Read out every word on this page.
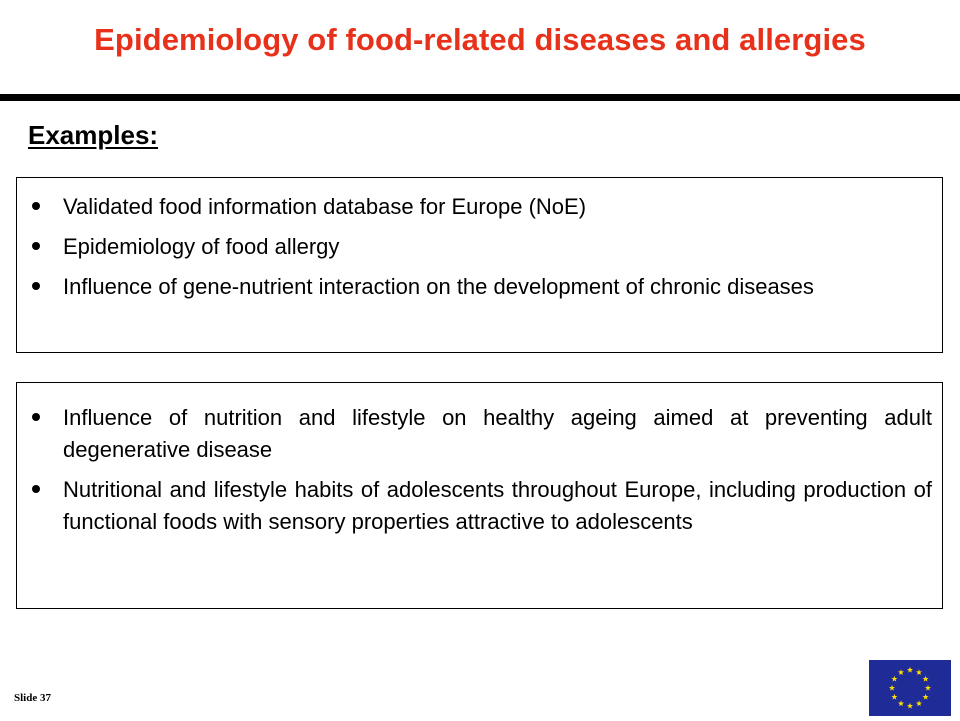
Epidemiology of food-related diseases and allergies
Examples:
Validated food information database for Europe (NoE)
Epidemiology of food allergy
Influence of gene-nutrient interaction on the development of chronic diseases
Influence of nutrition and lifestyle on healthy ageing aimed at preventing adult degenerative disease
Nutritional and lifestyle habits of adolescents throughout Europe, including production of functional foods with sensory properties attractive to adolescents
Slide 37
